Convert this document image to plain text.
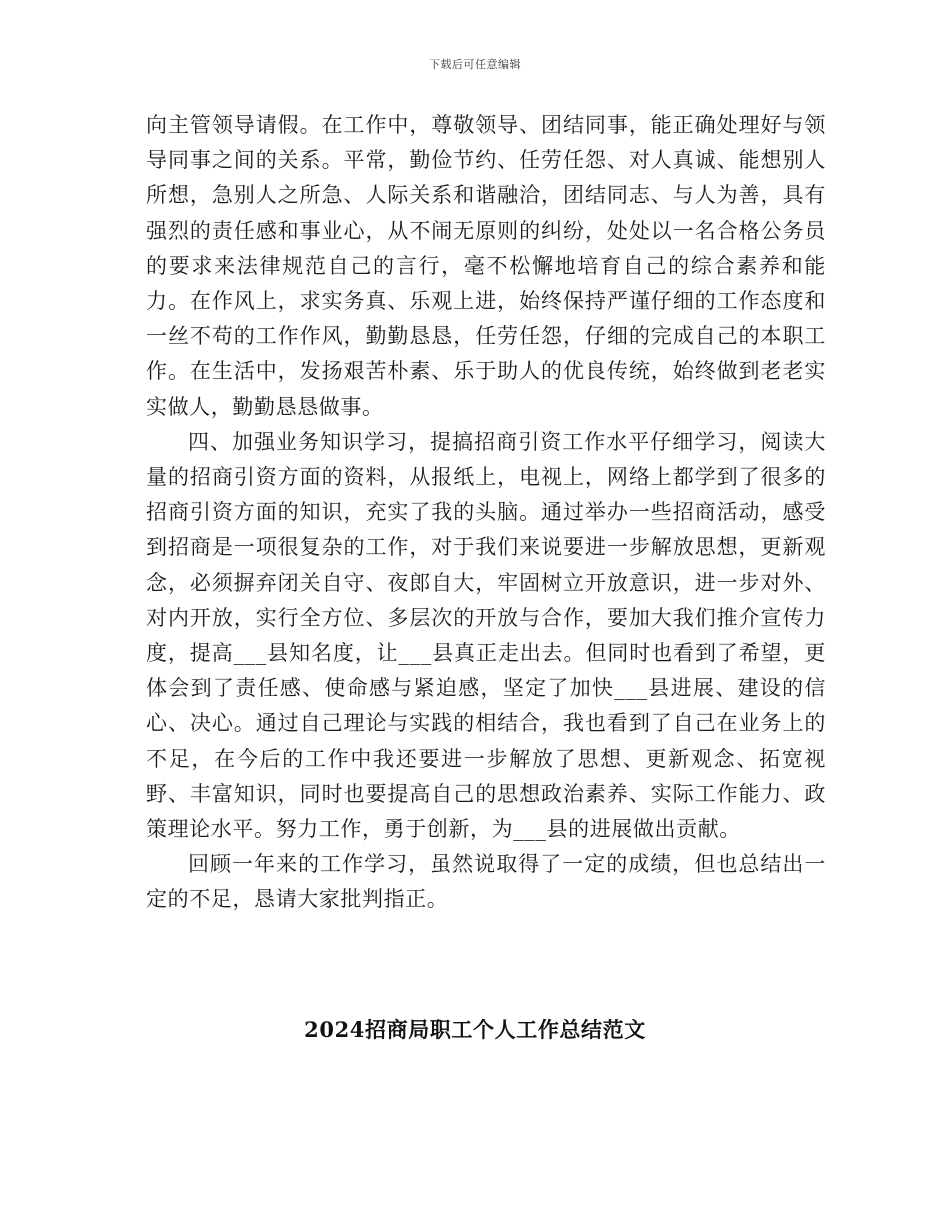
下载后可任意编辑

向主管领导请假。在工作中，尊敬领导、团结同事，能正确处理好与领导同事之间的关系。平常，勤俭节约、任劳任怨、对人真诚、能想别人所想，急别人之所急、人际关系和谐融洽，团结同志、与人为善，具有强烈的责任感和事业心，从不闹无原则的纠纷，处处以一名合格公务员的要求来法律规范自己的言行，毫不松懈地培育自己的综合素养和能力。在作风上，求实务真、乐观上进，始终保持严谨仔细的工作态度和一丝不苟的工作作风，勤勤恳恳，任劳任怨，仔细的完成自己的本职工作。在生活中，发扬艰苦朴素、乐于助人的优良传统，始终做到老老实实做人，勤勤恳恳做事。

四、加强业务知识学习，提搞招商引资工作水平仔细学习，阅读大量的招商引资方面的资料，从报纸上，电视上，网络上都学到了很多的招商引资方面的知识，充实了我的头脑。通过举办一些招商活动，感受到招商是一项很复杂的工作，对于我们来说要进一步解放思想，更新观念，必须摒弃闭关自守、夜郎自大，牢固树立开放意识，进一步对外、对内开放，实行全方位、多层次的开放与合作，要加大我们推介宣传力度，提高___县知名度，让___县真正走出去。但同时也看到了希望，更体会到了责任感、使命感与紧迫感，坚定了加快___县进展、建设的信心、决心。通过自己理论与实践的相结合，我也看到了自己在业务上的不足，在今后的工作中我还要进一步解放了思想、更新观念、拓宽视野、丰富知识，同时也要提高自己的思想政治素养、实际工作能力、政策理论水平。努力工作，勇于创新，为___县的进展做出贡献。

回顾一年来的工作学习，虽然说取得了一定的成绩，但也总结出一定的不足，恳请大家批判指正。

2024招商局职工个人工作总结范文
